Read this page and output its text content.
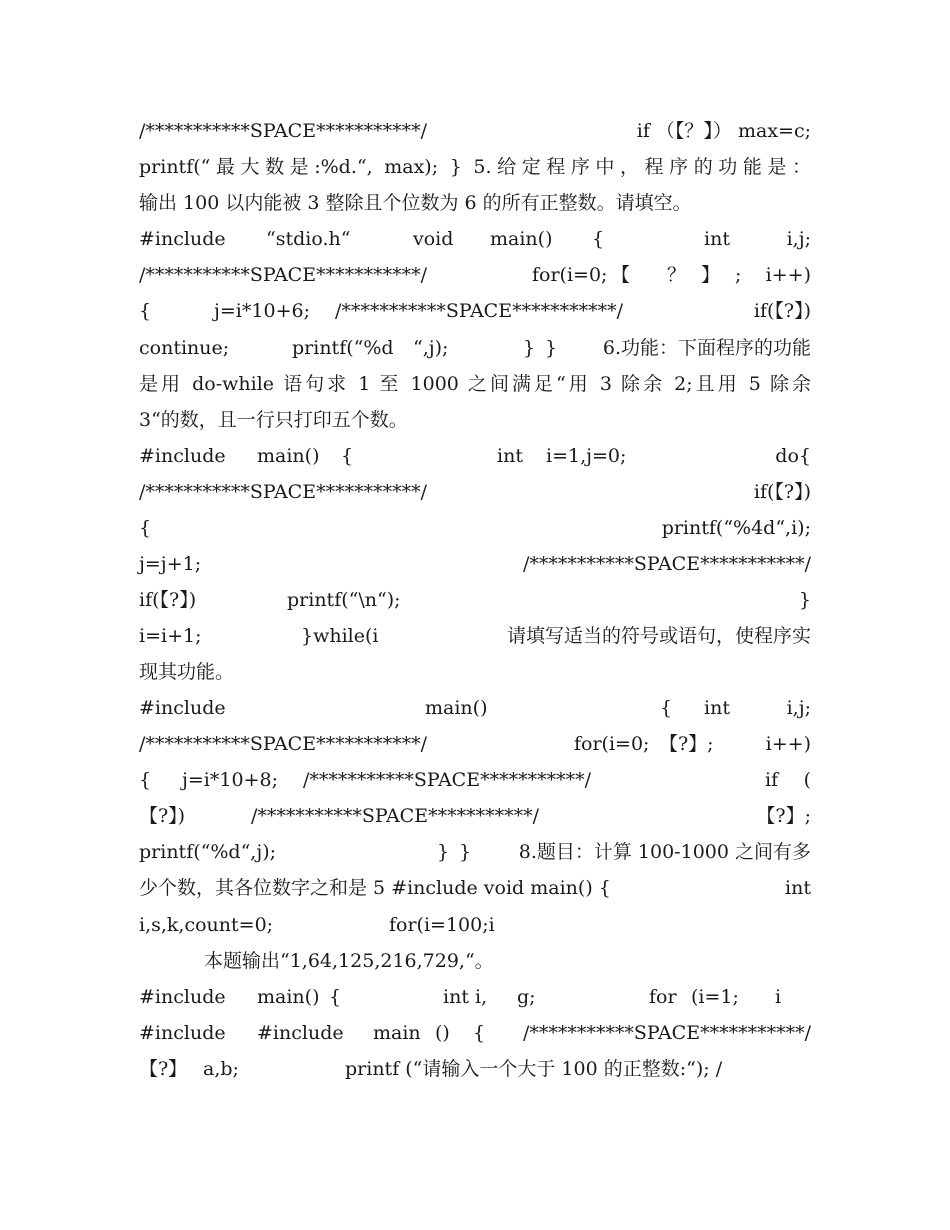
/***********SPACE***********/	if （【？】） max=c;
printf(“最大数是:%d.“, max); } 5.给定程序中，程序的功能是：
输出 100 以内能被 3 整除且个位数为 6 的所有正整数。请填空。
#include “stdio.h“	void main() {	int	i,j;
/***********SPACE***********/	for(i=0; 【 ？ 】 ; i++)
{	j=i*10+6; /***********SPACE***********/	if(【?】)
continue;	printf(“%d “,j);	} } 6.功能：下面程序的功能
是用 do-while 语句求 1 至 1000 之间满足“用 3 除余 2;且用 5 除余
3“的数，且一行只打印五个数。
#include main() {	int i=1,j=0;	do{
/***********SPACE***********/	if(【?】)
{	printf(“%4d“,i);
j=j+1;	/***********SPACE***********/
if(【?】)	printf(“\n“);	}
i=i+1;	}while(i	请填写适当的符号或语句，使程序实
现其功能。
#include	main()	{ int	i,j;
/***********SPACE***********/	for(i=0; 【?】;	i++)
{ j=i*10+8; /***********SPACE***********/	if (
【?】)	/***********SPACE***********/	【?】;
printf(“%d“,j);	} }	8.题目：计算 100-1000 之间有多
少个数，其各位数字之和是 5 #include void main() {	int
i,s,k,count=0;	for(i=100;i
本题输出“1,64,125,216,729,“。
#include main() {	int i, g;	for (i=1; i
#include #include main () { /***********SPACE***********/
【?】 a,b;	printf (“请输入一个大于 100 的正整数:“); /
